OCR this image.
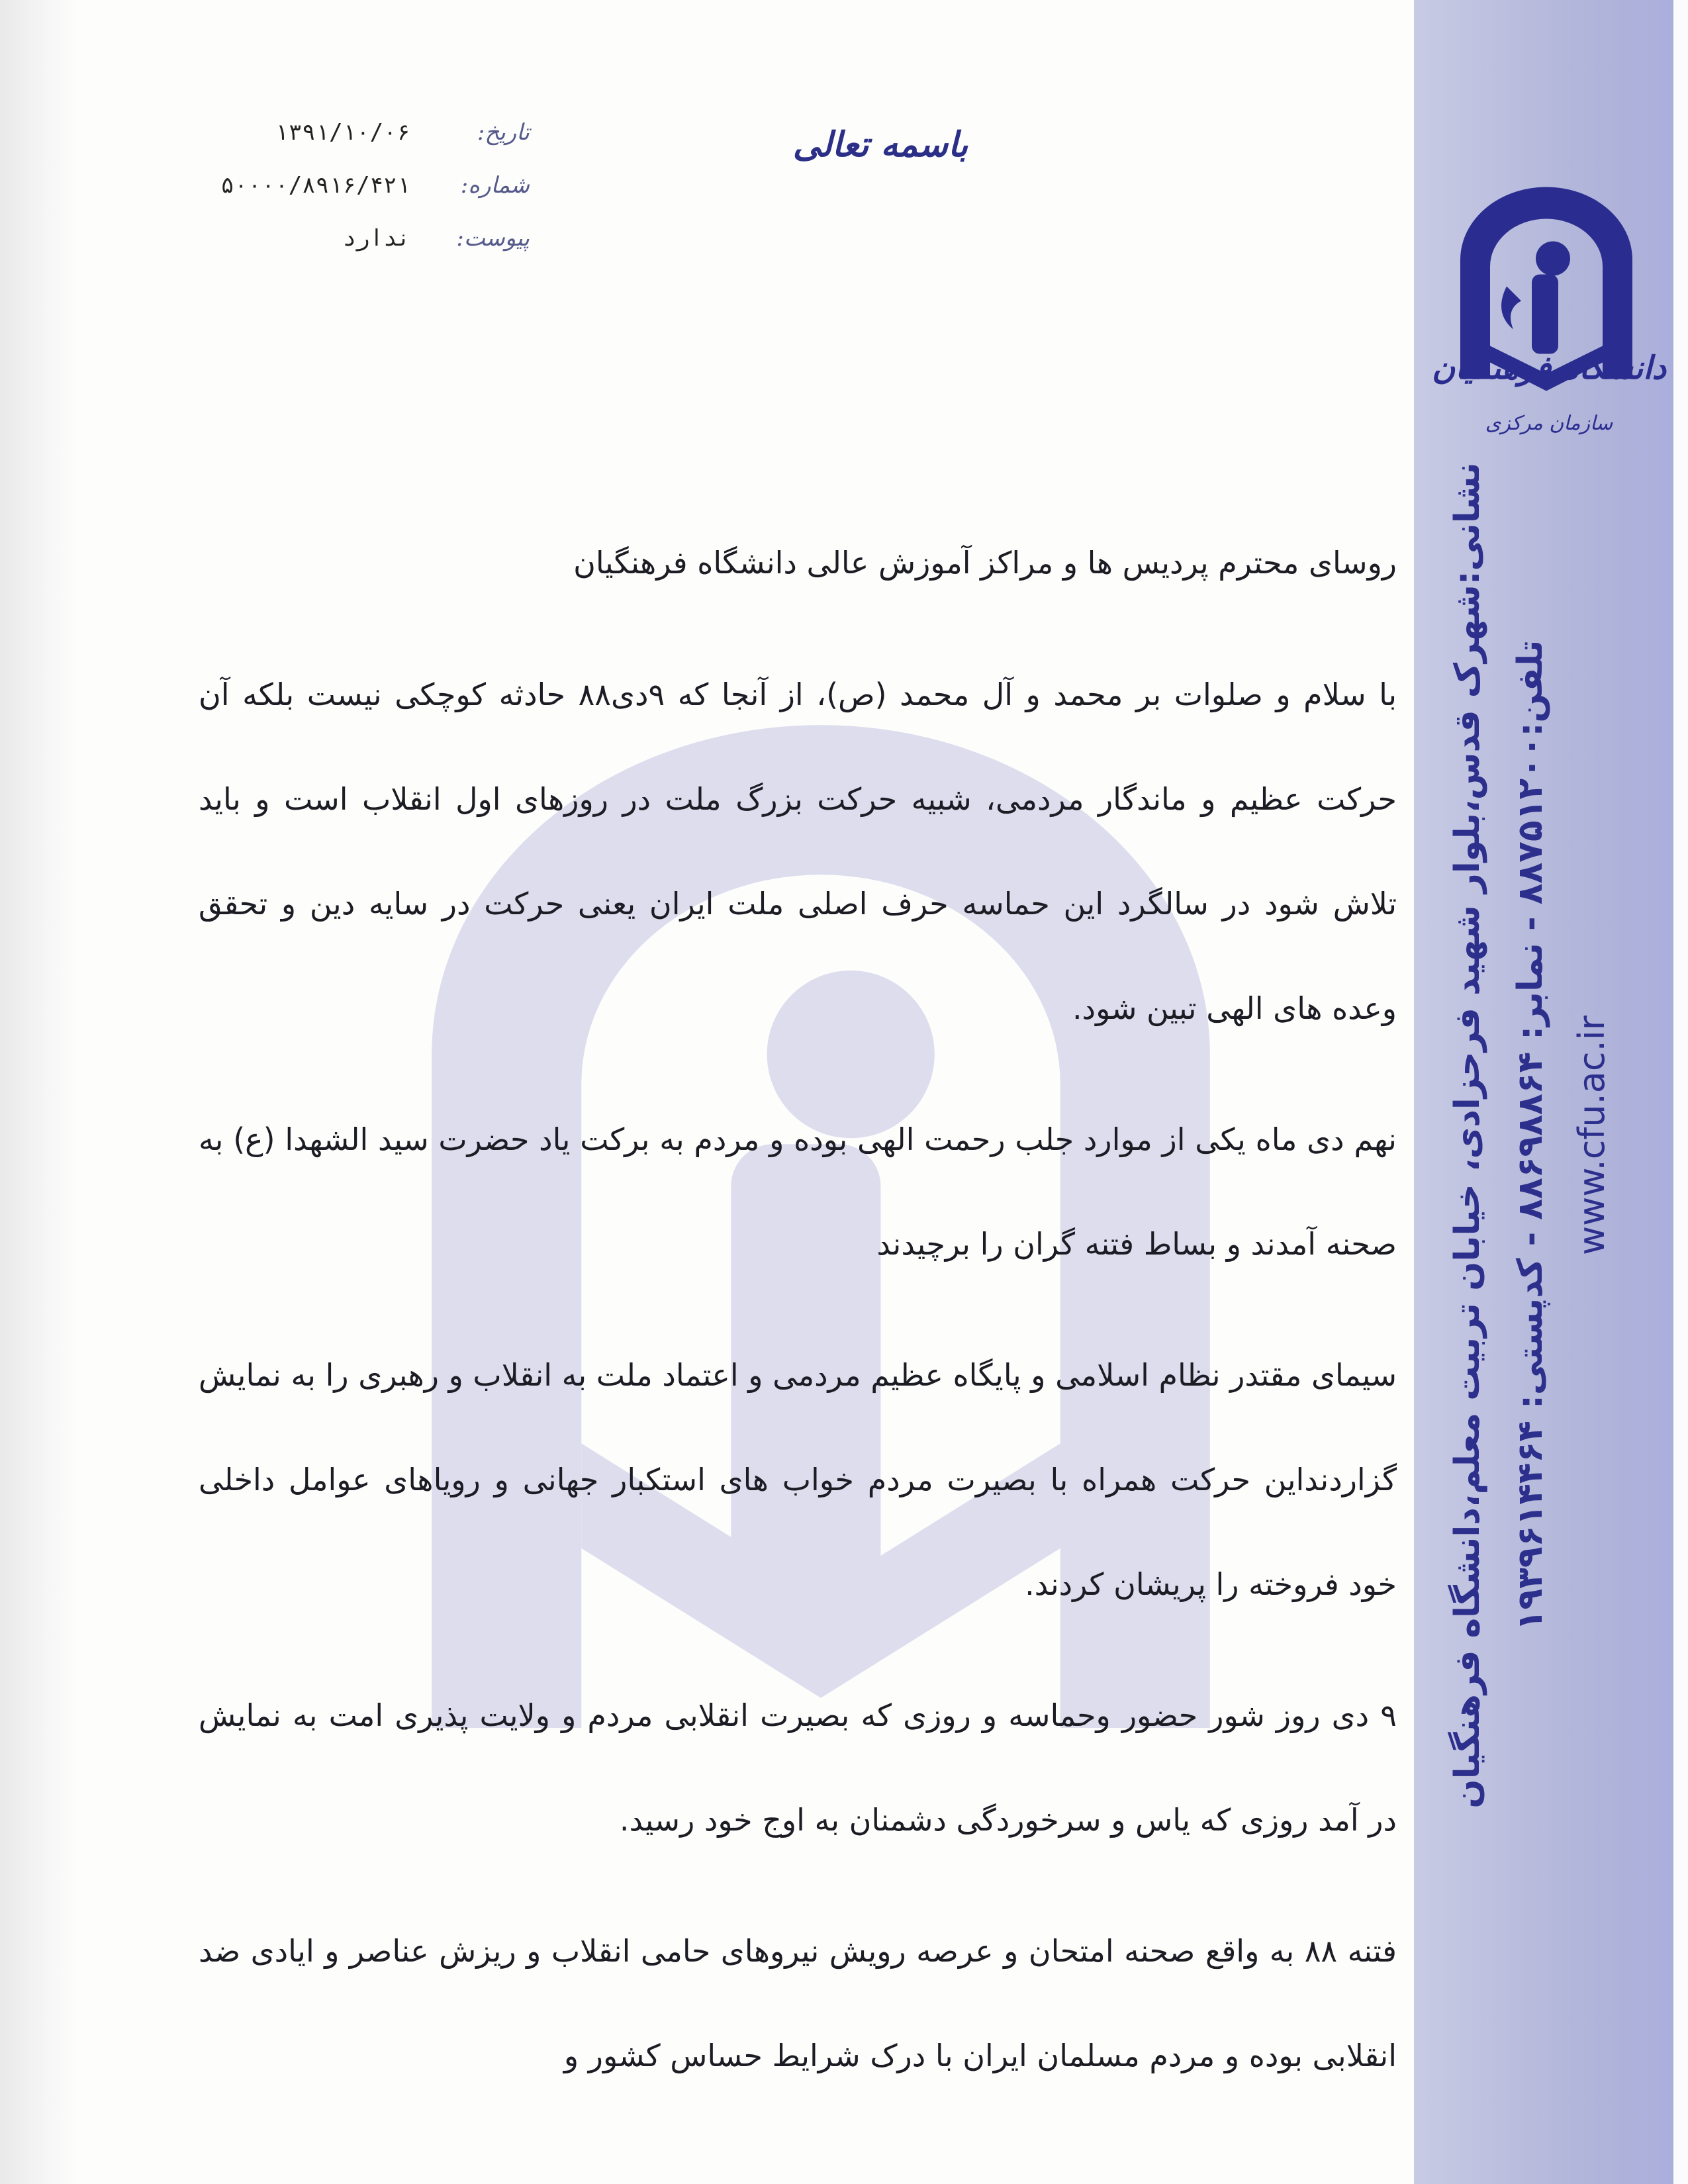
دانشگاه فرهنگیان
سازمان مرکزی
نشانی:شهرک قدس،بلوار شهید فرحزادی، خیابان تربیت معلم،دانشگاه فرهنگیان تلفن:۸۸۷۵۱۲۰۰ - نمابر: ۸۸۶۹۸۸۶۴ - کدپستی: ۱۹۳۹۶۱۴۴۶۴
www.cfu.ac.ir
باسمه تعالی
تاریخ:
۱۳۹۱/۱۰/۰۶
شماره:
۵۰۰۰۰/۸۹۱۶/۴۲۱
پیوست:
ندارد

روسای محترم پردیس ها و مراکز آموزش عالی دانشگاه فرهنگیان

با سلام و صلوات بر محمد و آل محمد (ص)، از آنجا که ۹دی۸۸ حادثه کوچکی نیست بلکه آن حرکت عظیم و ماندگار مردمی، شبیه حرکت بزرگ ملت در روزهای اول انقلاب است و باید تلاش شود در سالگرد این حماسه حرف اصلی ملت ایران یعنی حرکت در سایه دین و تحقق وعده های الهی تبین شود.

نهم دی ماه یکی از موارد جلب رحمت الهی بوده و مردم به برکت یاد حضرت سید الشهدا (ع) به صحنه آمدند و بساط فتنه گران را برچیدند

سیمای مقتدر نظام اسلامی و پایگاه عظیم مردمی و اعتماد ملت به انقلاب و رهبری را به نمایش گزاردنداین حرکت همراه با بصیرت مردم خواب های استکبار جهانی و رویاهای عوامل داخلی خود فروخته را پریشان کردند.

۹ دی روز شور حضور وحماسه و روزی که بصیرت انقلابی مردم و ولایت پذیری امت به نمایش در آمد روزی که یاس و سرخوردگی دشمنان به اوج خود رسید.

فتنه ۸۸ به واقع صحنه امتحان و عرصه رویش نیروهای حامی انقلاب و ریزش عناصر و ایادی ضد انقلابی بوده و مردم مسلمان ایران با درک شرایط حساس کشور و
